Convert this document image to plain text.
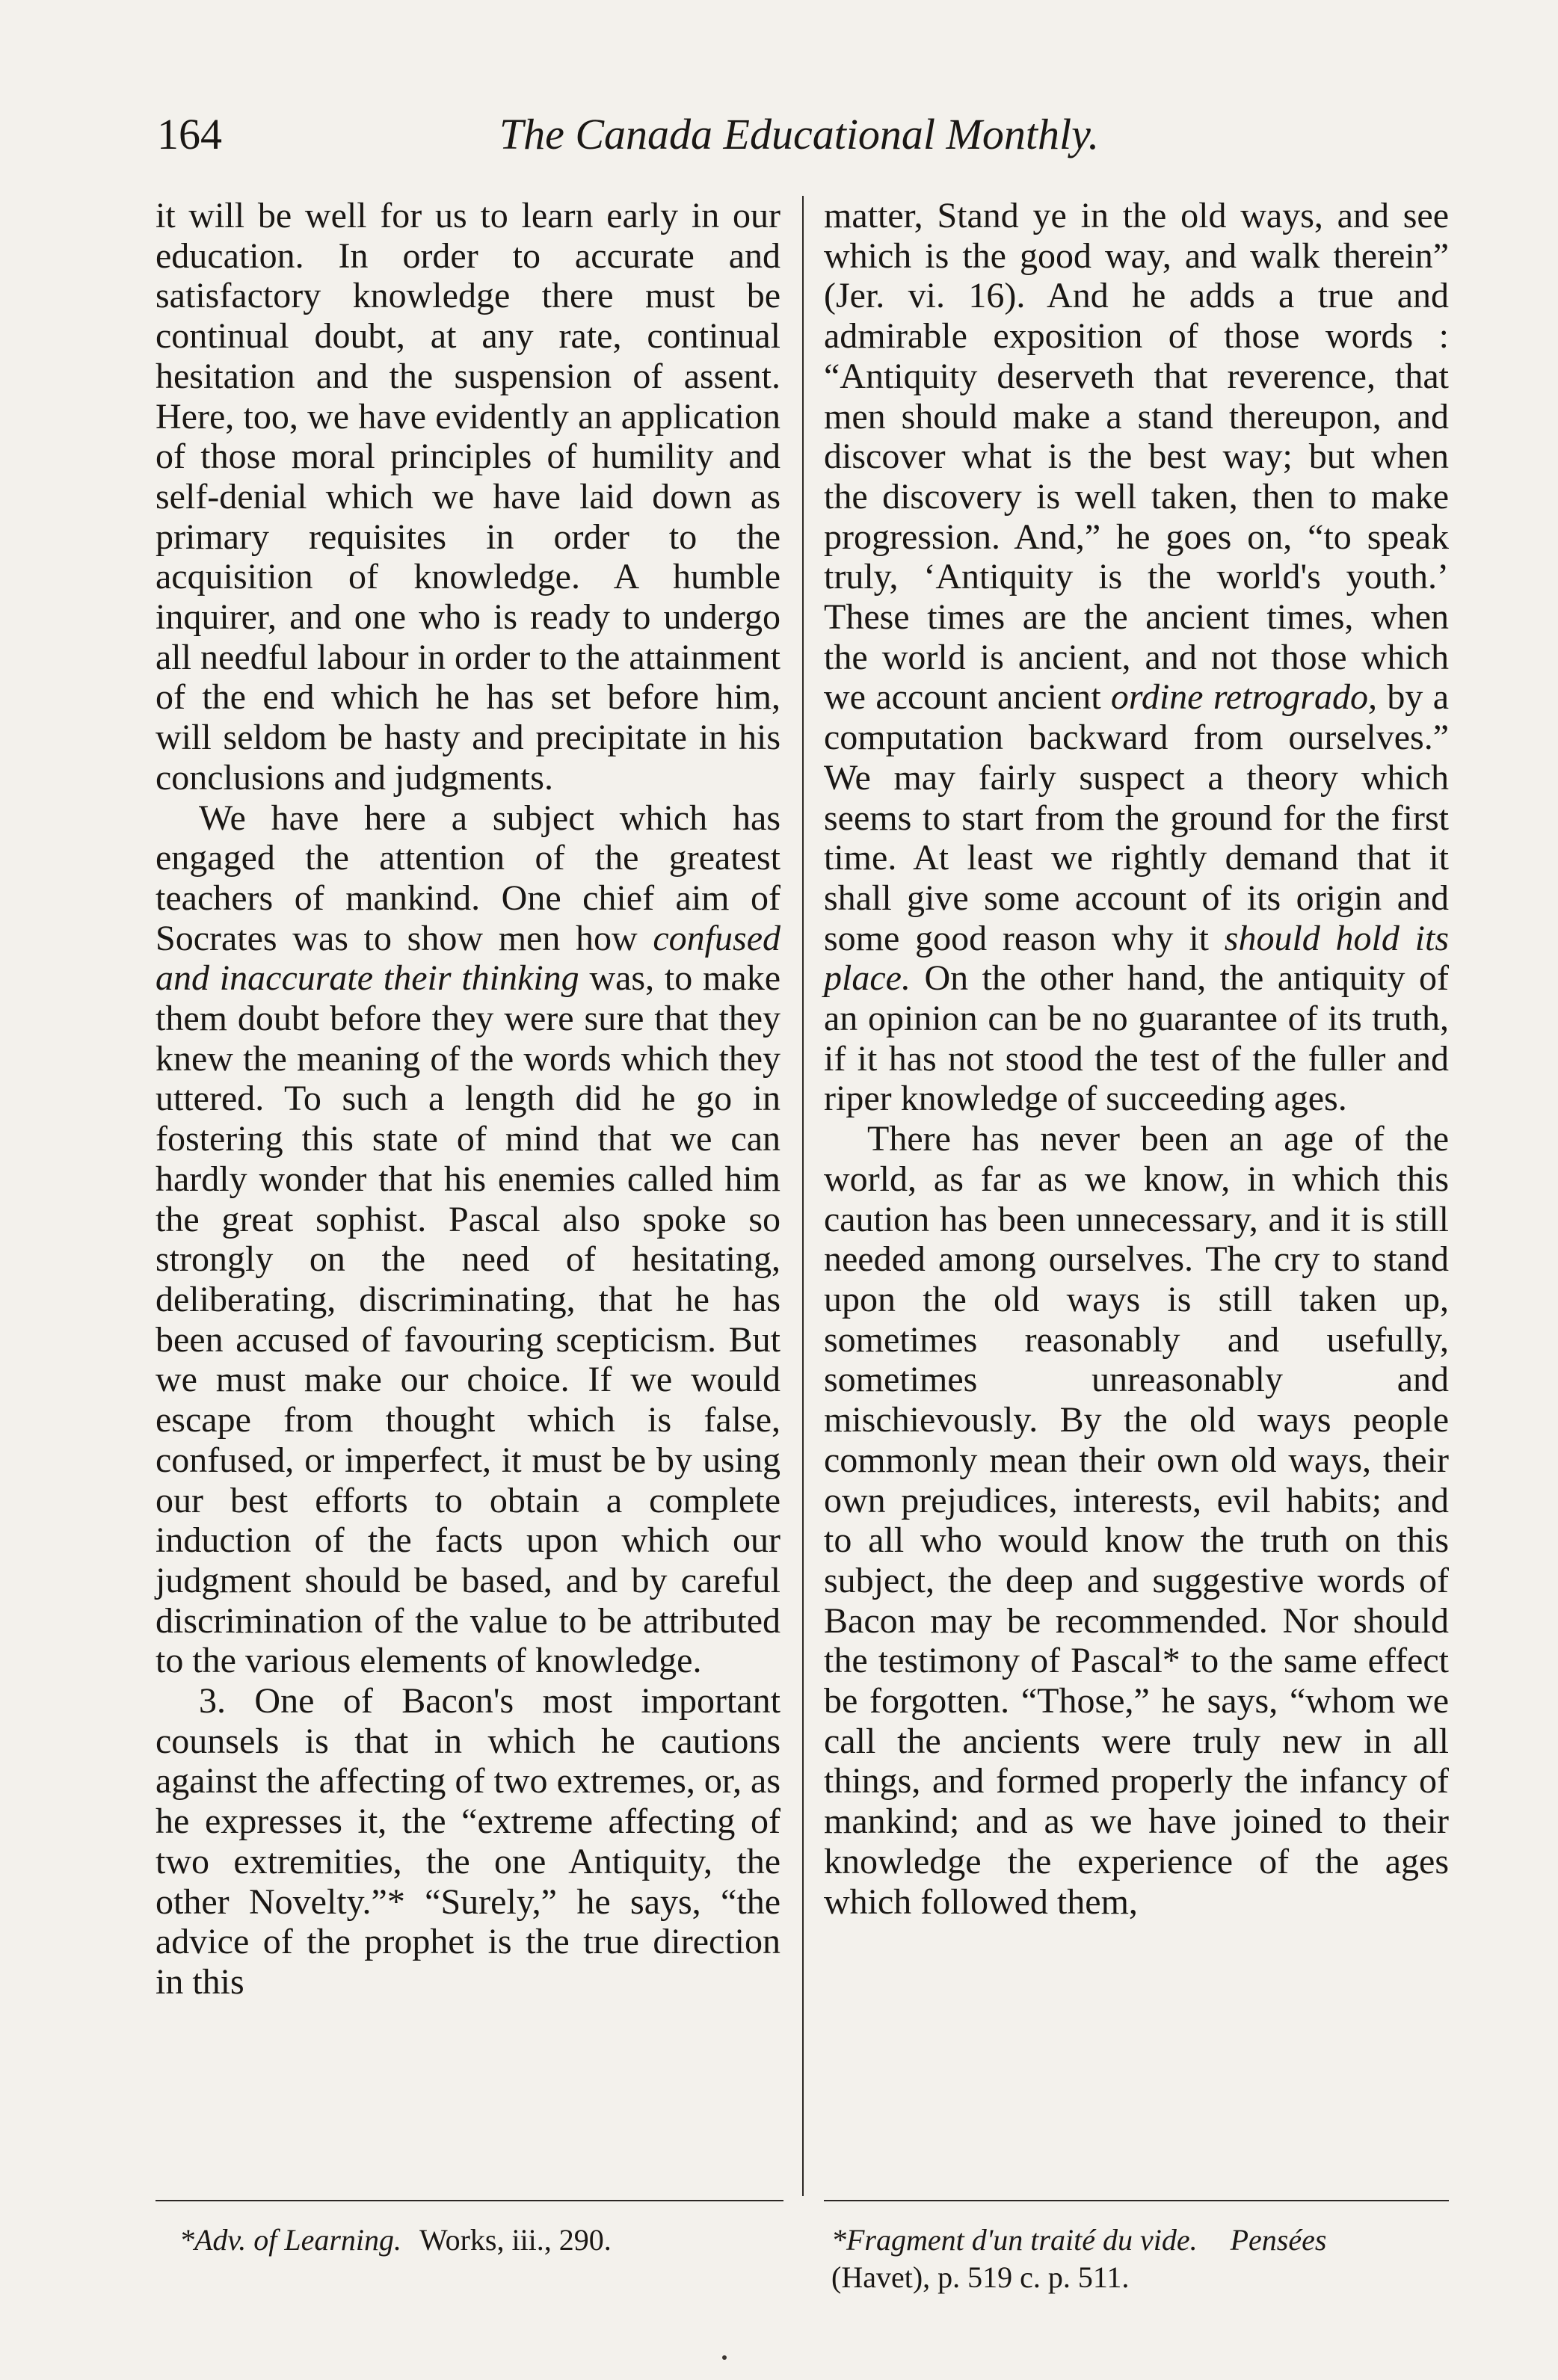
164	The Canada Educational Monthly.

it will be well for us to learn early in our education. In order to accurate and satisfactory knowledge there must be continual doubt, at any rate, continual hesitation and the suspension of assent. Here, too, we have evidently an application of those moral principles of humility and self-denial which we have laid down as primary requisites in order to the acquisition of knowledge. A humble inquirer, and one who is ready to undergo all needful labour in order to the attainment of the end which he has set before him, will seldom be hasty and precipitate in his conclusions and judgments.

We have here a subject which has engaged the attention of the greatest teachers of mankind. One chief aim of Socrates was to show men how confused and inaccurate their thinking was, to make them doubt before they were sure that they knew the meaning of the words which they uttered. To such a length did he go in fostering this state of mind that we can hardly wonder that his enemies called him the great sophist. Pascal also spoke so strongly on the need of hesitating, deliberating, discriminating, that he has been accused of favouring scepticism. But we must make our choice. If we would escape from thought which is false, confused, or imperfect, it must be by using our best efforts to obtain a complete induction of the facts upon which our judgment should be based, and by careful discrimination of the value to be attributed to the various elements of knowledge.

3. One of Bacon's most important counsels is that in which he cautions against the affecting of two extremes, or, as he expresses it, the “extreme affecting of two extremities, the one Antiquity, the other Novelty.”* “Surely,” he says, “the advice of the prophet is the true direction in this

matter, Stand ye in the old ways, and see which is the good way, and walk therein” (Jer. vi. 16). And he adds a true and admirable exposition of those words : “Antiquity deserveth that reverence, that men should make a stand thereupon, and discover what is the best way; but when the discovery is well taken, then to make progression. And,” he goes on, “to speak truly, ‘Antiquity is the world's youth.’ These times are the ancient times, when the world is ancient, and not those which we account ancient ordine retrogrado, by a computation backward from ourselves.” We may fairly suspect a theory which seems to start from the ground for the first time. At least we rightly demand that it shall give some account of its origin and some good reason why it should hold its place. On the other hand, the antiquity of an opinion can be no guarantee of its truth, if it has not stood the test of the fuller and riper knowledge of succeeding ages.

There has never been an age of the world, as far as we know, in which this caution has been unnecessary, and it is still needed among ourselves. The cry to stand upon the old ways is still taken up, sometimes reasonably and usefully, sometimes unreasonably and mischievously. By the old ways people commonly mean their own old ways, their own prejudices, interests, evil habits; and to all who would know the truth on this subject, the deep and suggestive words of Bacon may be recommended. Nor should the testimony of Pascal* to the same effect be forgotten. “Those,” he says, “whom we call the ancients were truly new in all things, and formed properly the infancy of mankind; and as we have joined to their knowledge the experience of the ages which followed them,

*Adv. of Learning. Works, iii., 290.	*Fragment d'un traité du vide. Pensées
(Havet), p. 519 c. p. 511.
